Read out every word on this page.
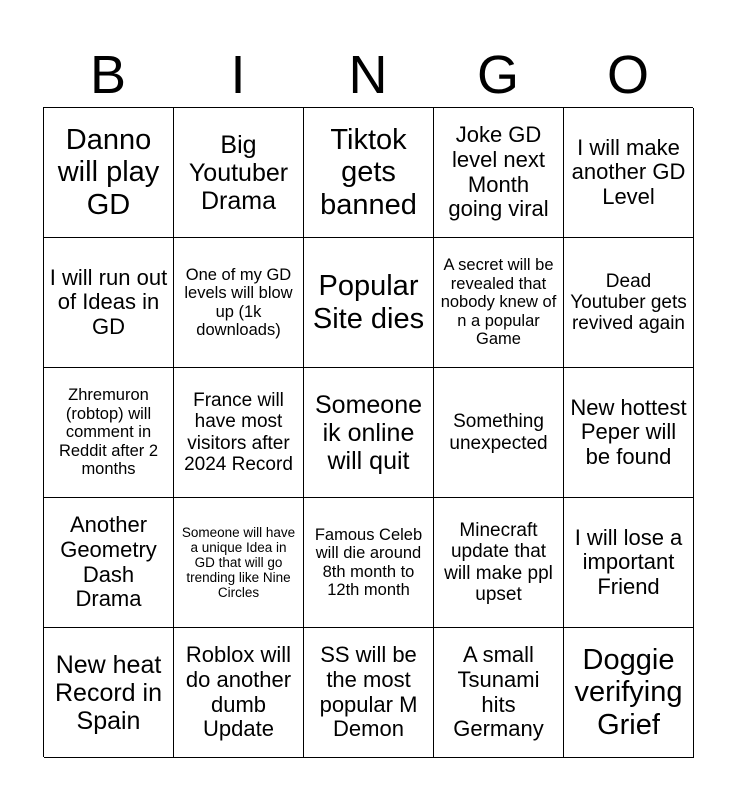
B	I	N	G	O
Danno will play GD
Big Youtuber Drama
Tiktok gets banned
Joke GD level next Month going viral
I will make another GD Level
I will run out of Ideas in GD
One of my GD levels will blow up (1k downloads)
Popular Site dies
A secret will be revealed that nobody knew of n a popular Game
Dead Youtuber gets revived again
Zhremuron (robtop) will comment in Reddit after 2 months
France will have most visitors after 2024 Record
Someone ik online will quit
Something unexpected
New hottest Peper will be found
Another Geometry Dash Drama
Someone will have a unique Idea in GD that will go trending like Nine Circles
Famous Celeb will die around 8th month to 12th month
Minecraft update that will make ppl upset
I will lose a important Friend
New heat Record in Spain
Roblox will do another dumb Update
SS will be the most popular M Demon
A small Tsunami hits Germany
Doggie verifying Grief
